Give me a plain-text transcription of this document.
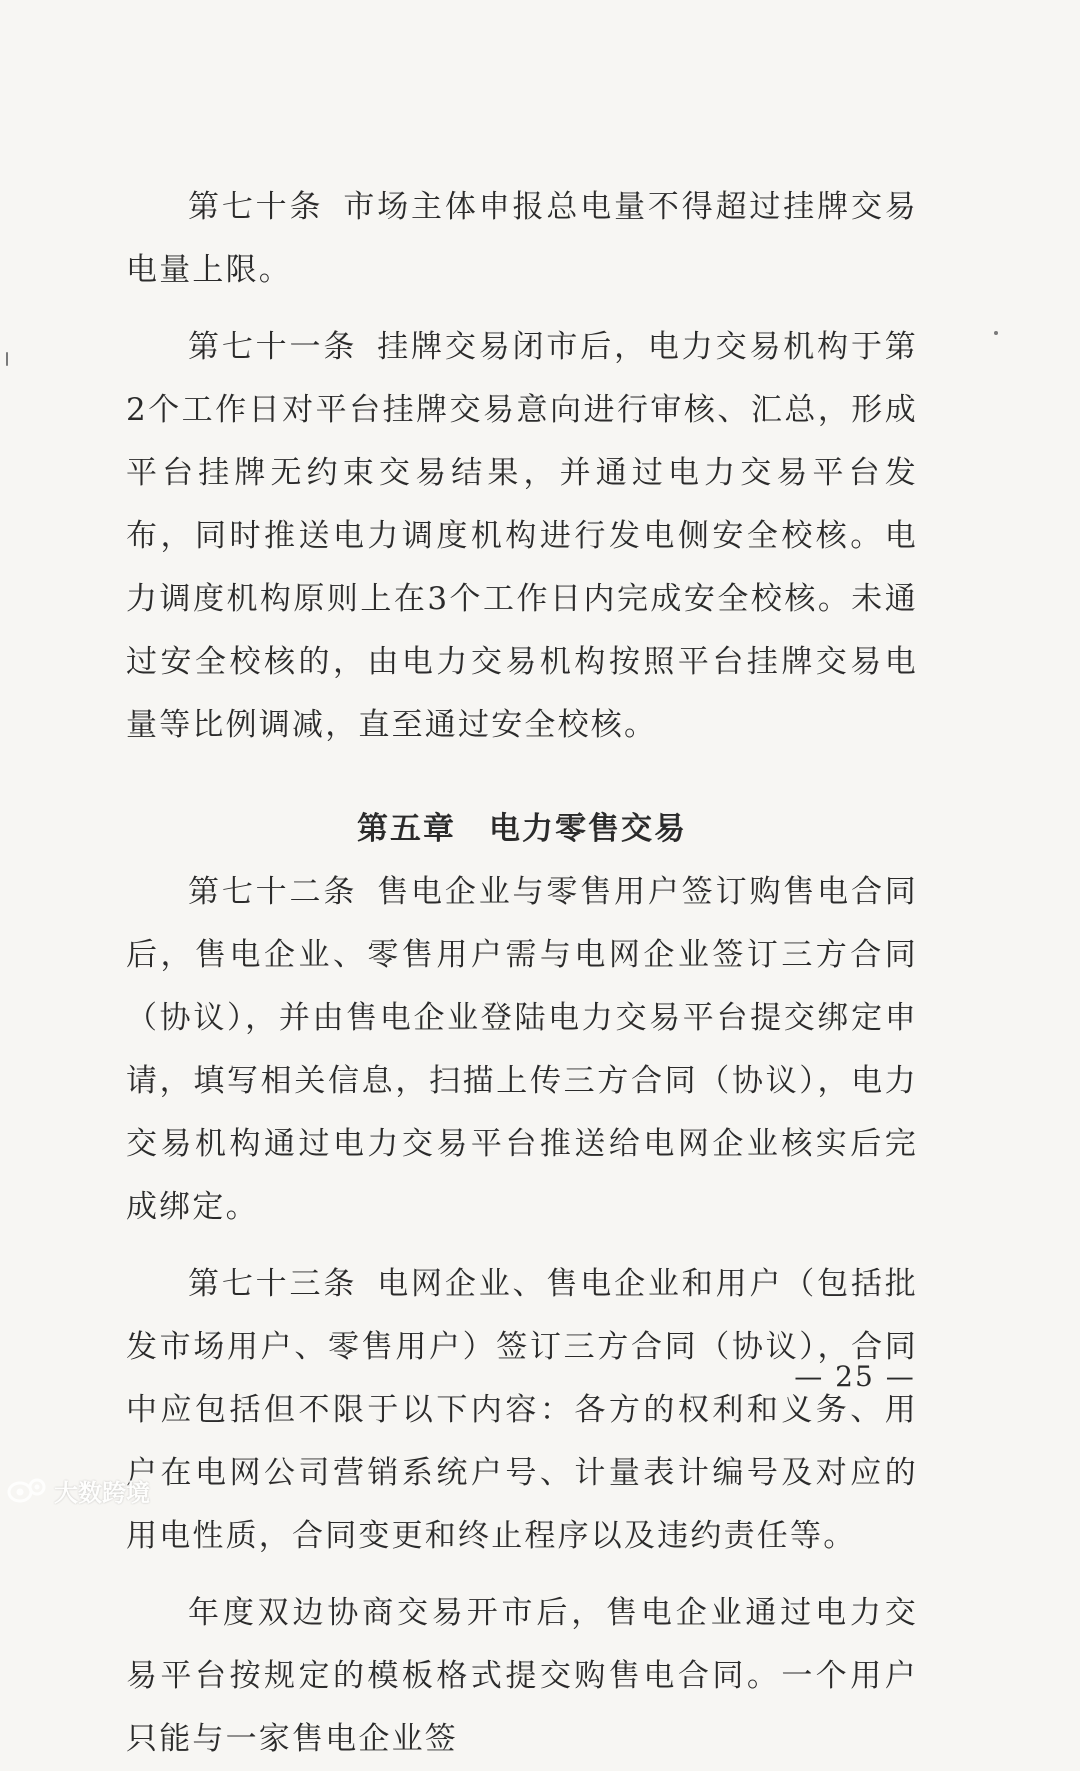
第七十条 市场主体申报总电量不得超过挂牌交易电量上限。

第七十一条 挂牌交易闭市后，电力交易机构于第2个工作日对平台挂牌交易意向进行审核、汇总，形成平台挂牌无约束交易结果，并通过电力交易平台发布，同时推送电力调度机构进行发电侧安全校核。电力调度机构原则上在3个工作日内完成安全校核。未通过安全校核的，由电力交易机构按照平台挂牌交易电量等比例调减，直至通过安全校核。

第五章　电力零售交易

第七十二条 售电企业与零售用户签订购售电合同后，售电企业、零售用户需与电网企业签订三方合同（协议），并由售电企业登陆电力交易平台提交绑定申请，填写相关信息，扫描上传三方合同（协议），电力交易机构通过电力交易平台推送给电网企业核实后完成绑定。

第七十三条 电网企业、售电企业和用户（包括批发市场用户、零售用户）签订三方合同（协议），合同中应包括但不限于以下内容：各方的权利和义务、用户在电网公司营销系统户号、计量表计编号及对应的用电性质，合同变更和终止程序以及违约责任等。

年度双边协商交易开市后，售电企业通过电力交易平台按规定的模板格式提交购售电合同。一个用户只能与一家售电企业签

— 25 —
大数跨境
